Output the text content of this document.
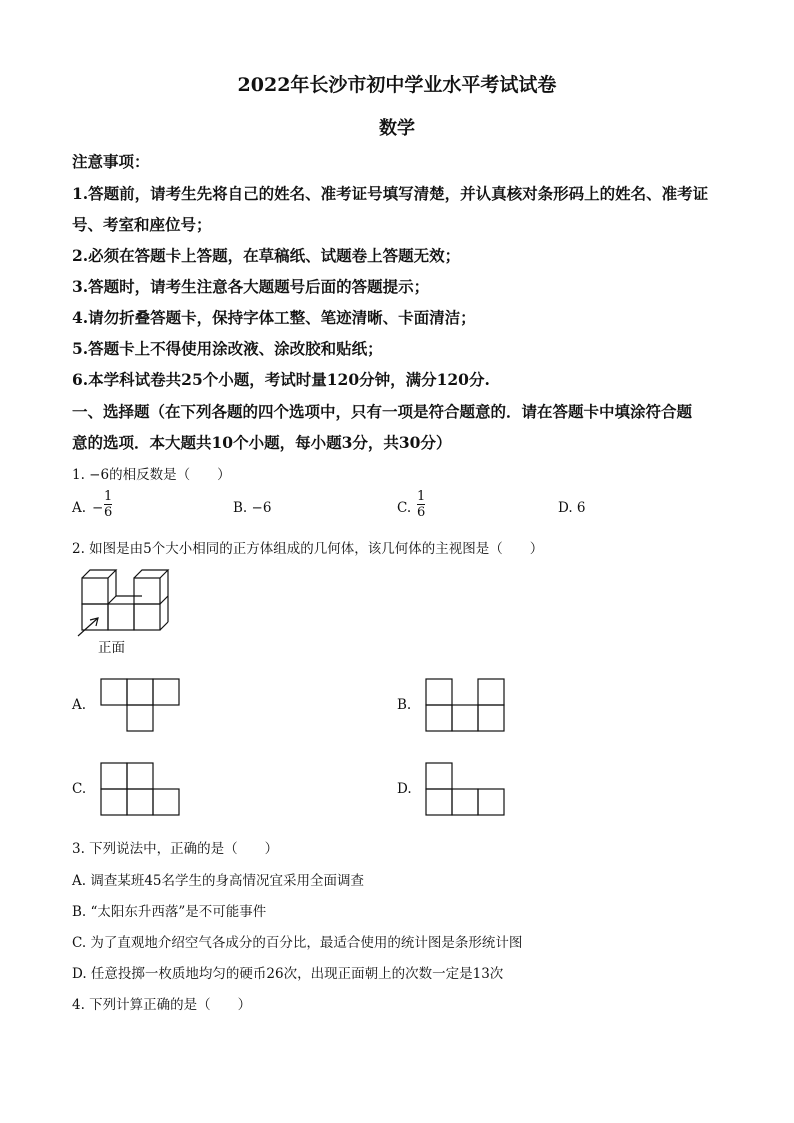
2022年长沙市初中学业水平考试试卷
数学
注意事项：
1.答题前，请考生先将自己的姓名、准考证号填写清楚，并认真核对条形码上的姓名、准考证
号、考室和座位号；
2.必须在答题卡上答题，在草稿纸、试题卷上答题无效；
3.答题时，请考生注意各大题题号后面的答题提示；
4.请勿折叠答题卡，保持字体工整、笔迹清晰、卡面清洁；
5.答题卡上不得使用涂改液、涂改胶和贴纸；
6.本学科试卷共25个小题，考试时量120分钟，满分120分.
一、选择题（在下列各题的四个选项中，只有一项是符合题意的．请在答题卡中填涂符合题
意的选项．本大题共10个小题，每小题3分，共30分）
1. −6的相反数是（　　）
A. − $\frac{1}{6}$	B. −6	C. $\frac{1}{6}$	D. 6
2. 如图是由5个大小相同的正方体组成的几何体，该几何体的主视图是（　　）
正面
A.	B.
C.	D.
3. 下列说法中，正确的是（　　）
A. 调查某班45名学生的身高情况宜采用全面调查
B. “太阳东升西落”是不可能事件
C. 为了直观地介绍空气各成分的百分比，最适合使用的统计图是条形统计图
D. 任意投掷一枚质地均匀的硬币26次，出现正面朝上的次数一定是13次
4. 下列计算正确的是（　　）
